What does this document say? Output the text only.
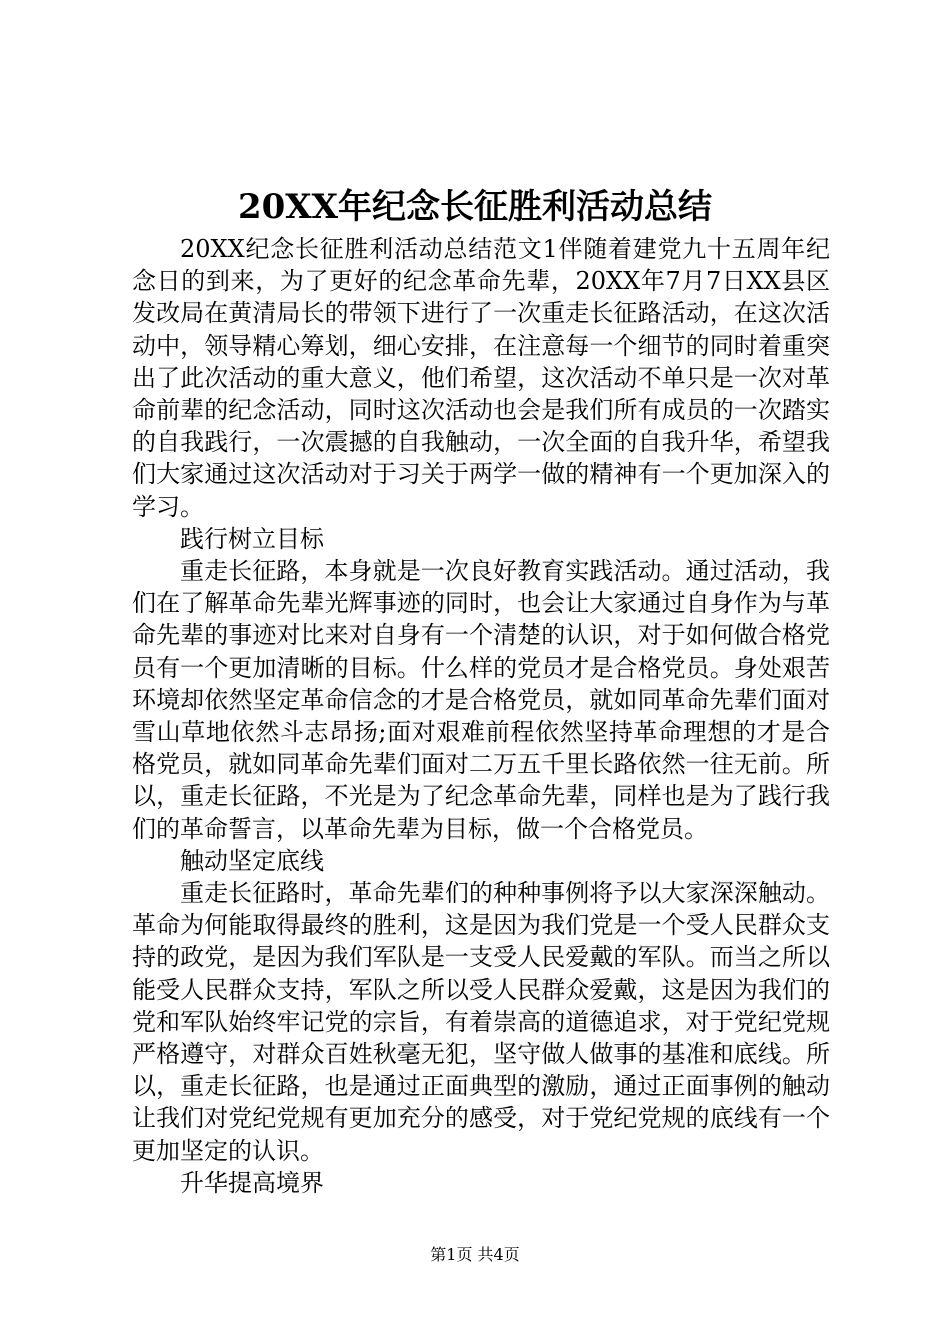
20XX年纪念长征胜利活动总结

20XX纪念长征胜利活动总结范文1伴随着建党九十五周年纪念日的到来，为了更好的纪念革命先辈，20XX年7月7日XX县区发改局在黄清局长的带领下进行了一次重走长征路活动，在这次活动中，领导精心筹划，细心安排，在注意每一个细节的同时着重突出了此次活动的重大意义，他们希望，这次活动不单只是一次对革命前辈的纪念活动，同时这次活动也会是我们所有成员的一次踏实的自我践行，一次震撼的自我触动，一次全面的自我升华，希望我们大家通过这次活动对于习关于两学一做的精神有一个更加深入的学习。

践行树立目标

重走长征路，本身就是一次良好教育实践活动。通过活动，我们在了解革命先辈光辉事迹的同时，也会让大家通过自身作为与革命先辈的事迹对比来对自身有一个清楚的认识，对于如何做合格党员有一个更加清晰的目标。什么样的党员才是合格党员。身处艰苦环境却依然坚定革命信念的才是合格党员，就如同革命先辈们面对雪山草地依然斗志昂扬;面对艰难前程依然坚持革命理想的才是合格党员，就如同革命先辈们面对二万五千里长路依然一往无前。所以，重走长征路，不光是为了纪念革命先辈，同样也是为了践行我们的革命誓言，以革命先辈为目标，做一个合格党员。

触动坚定底线

重走长征路时，革命先辈们的种种事例将予以大家深深触动。革命为何能取得最终的胜利，这是因为我们党是一个受人民群众支持的政党，是因为我们军队是一支受人民爱戴的军队。而当之所以能受人民群众支持，军队之所以受人民群众爱戴，这是因为我们的党和军队始终牢记党的宗旨，有着崇高的道德追求，对于党纪党规严格遵守，对群众百姓秋毫无犯，坚守做人做事的基准和底线。所以，重走长征路，也是通过正面典型的激励，通过正面事例的触动让我们对党纪党规有更加充分的感受，对于党纪党规的底线有一个更加坚定的认识。

升华提高境界

第1页 共4页
